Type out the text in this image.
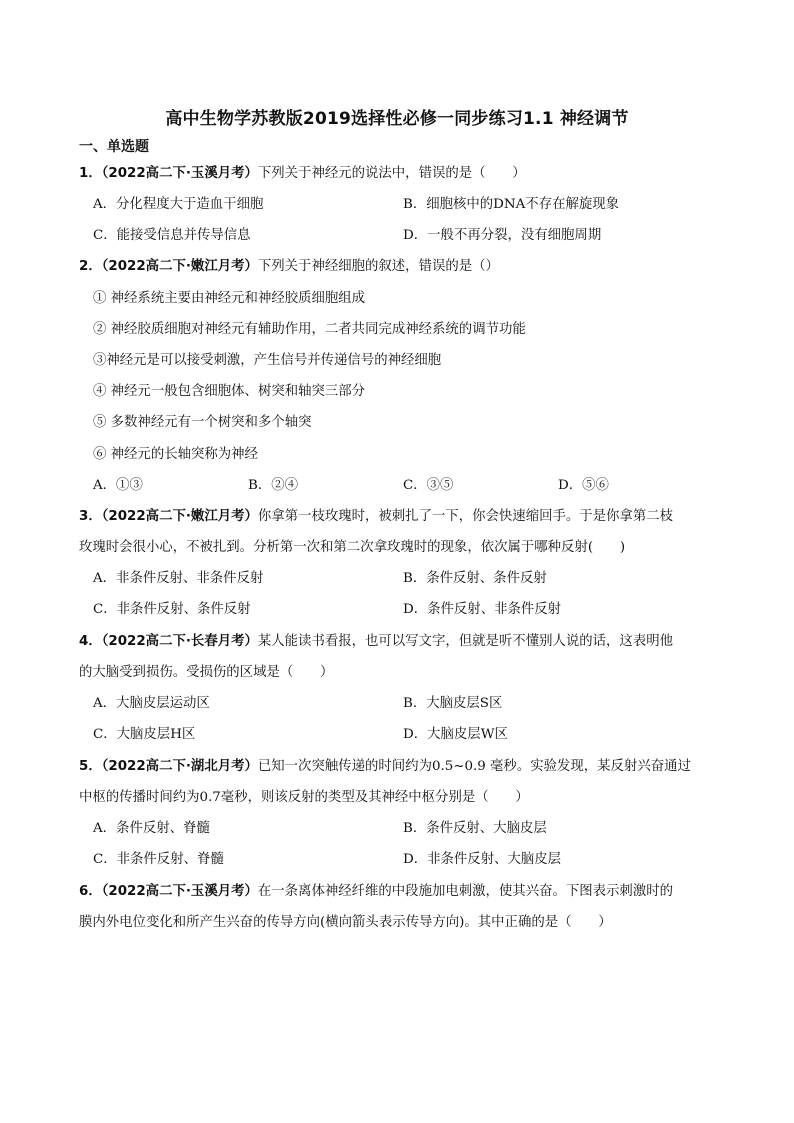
高中生物学苏教版2019选择性必修一同步练习1.1 神经调节
一、单选题
1．（2022高二下·玉溪月考）下列关于神经元的说法中，错误的是（　　）
A．分化程度大于造血干细胞	B．细胞核中的DNA不存在解旋现象
C．能接受信息并传导信息	D．一般不再分裂，没有细胞周期
2．（2022高二下·嫩江月考）下列关于神经细胞的叙述，错误的是（）
① 神经系统主要由神经元和神经胶质细胞组成
② 神经胶质细胞对神经元有辅助作用，二者共同完成神经系统的调节功能
③神经元是可以接受刺激，产生信号并传递信号的神经细胞
④ 神经元一般包含细胞体、树突和轴突三部分
⑤ 多数神经元有一个树突和多个轴突
⑥ 神经元的长轴突称为神经
A．①③	B．②④	C．③⑤	D．⑤⑥
3．（2022高二下·嫩江月考）你拿第一枝玫瑰时，被刺扎了一下，你会快速缩回手。于是你拿第二枝
玫瑰时会很小心，不被扎到。分析第一次和第二次拿玫瑰时的现象，依次属于哪种反射(　　)
A．非条件反射、非条件反射	B．条件反射、条件反射
C．非条件反射、条件反射	D．条件反射、非条件反射
4．（2022高二下·长春月考）某人能读书看报，也可以写文字，但就是听不懂别人说的话，这表明他
的大脑受到损伤。受损伤的区域是（　　）
A．大脑皮层运动区	B．大脑皮层S区
C．大脑皮层H区	D．大脑皮层W区
5．（2022高二下·湖北月考）已知一次突触传递的时间约为0.5~0.9 毫秒。实验发现，某反射兴奋通过
中枢的传播时间约为0.7毫秒，则该反射的类型及其神经中枢分别是（　　）
A．条件反射、脊髓	B．条件反射、大脑皮层
C．非条件反射、脊髓	D．非条件反射、大脑皮层
6．（2022高二下·玉溪月考）在一条离体神经纤维的中段施加电刺激，使其兴奋。下图表示刺激时的
膜内外电位变化和所产生兴奋的传导方向(横向箭头表示传导方向)。其中正确的是（　　）
